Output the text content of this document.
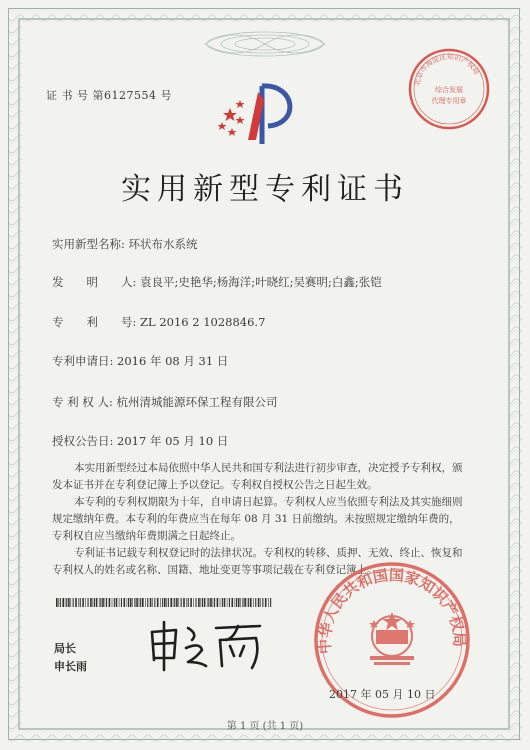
证 书 号 第6127554 号
北京市海淀区知识产权局
综合发展
代理专用章
实用新型专利证书
实用新型名称: 环状布水系统
发　　明　　人: 袁良平;史艳华;杨海洋;叶晓红;吴赛明;白鑫;张铠
专　　利　　号: ZL 2016 2 1028846.7
专利申请日: 2016 年 08 月 31 日
专 利 权 人: 杭州清城能源环保工程有限公司
授权公告日: 2017 年 05 月 10 日
本实用新型经过本局依照中华人民共和国专利法进行初步审查，决定授予专利权，颁
发本证书并在专利登记簿上予以登记。专利权自授权公告之日起生效。
本专利的专利权期限为十年，自申请日起算。专利权人应当依照专利法及其实施细则
规定缴纳年费。本专利的年费应当在每年 08 月 31 日前缴纳。未按照规定缴纳年费的，
专利权自应当缴纳年费期满之日起终止。
专利证书记载专利权登记时的法律状况。专利权的转移、质押、无效、终止、恢复和
专利权人的姓名或名称、国籍、地址变更等事项记载在专利登记簿上。
局长
申长雨
中华人民共和国国家知识产权局
2017 年 05 月 10 日
第 1 页 (共 1 页)
